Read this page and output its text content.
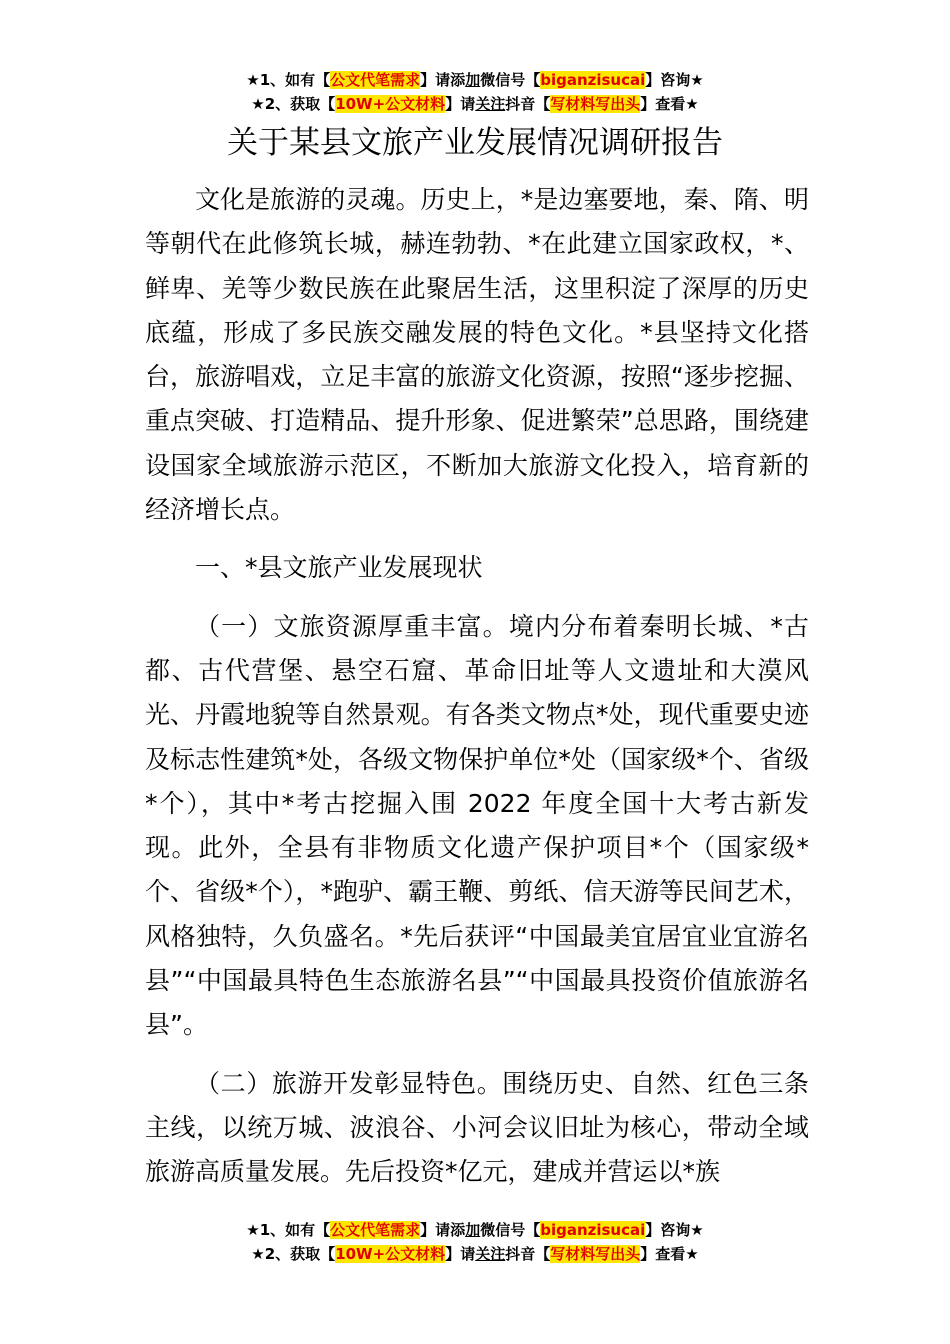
★1、如有【公文代笔需求】请添加微信号【biganzisucai】咨询★
★2、获取【10W+公文材料】请关注抖音【写材料写出头】查看★
关于某县文旅产业发展情况调研报告

文化是旅游的灵魂。历史上，*是边塞要地，秦、隋、明等朝代在此修筑长城，赫连勃勃、*在此建立国家政权，*、鲜卑、羌等少数民族在此聚居生活，这里积淀了深厚的历史底蕴，形成了多民族交融发展的特色文化。*县坚持文化搭台，旅游唱戏，立足丰富的旅游文化资源，按照“逐步挖掘、重点突破、打造精品、提升形象、促进繁荣”总思路，围绕建设国家全域旅游示范区，不断加大旅游文化投入，培育新的经济增长点。

一、*县文旅产业发展现状

（一）文旅资源厚重丰富。境内分布着秦明长城、*古都、古代营堡、悬空石窟、革命旧址等人文遗址和大漠风光、丹霞地貌等自然景观。有各类文物点*处，现代重要史迹及标志性建筑*处，各级文物保护单位*处（国家级*个、省级*个），其中*考古挖掘入围 2022 年度全国十大考古新发现。此外，全县有非物质文化遗产保护项目*个（国家级*个、省级*个），*跑驴、霸王鞭、剪纸、信天游等民间艺术，风格独特，久负盛名。*先后获评“中国最美宜居宜业宜游名县”“中国最具特色生态旅游名县”“中国最具投资价值旅游名县”。

（二）旅游开发彰显特色。围绕历史、自然、红色三条主线，以统万城、波浪谷、小河会议旧址为核心，带动全域旅游高质量发展。先后投资*亿元，建成并营运以*族

★1、如有【公文代笔需求】请添加微信号【biganzisucai】咨询★
★2、获取【10W+公文材料】请关注抖音【写材料写出头】查看★
